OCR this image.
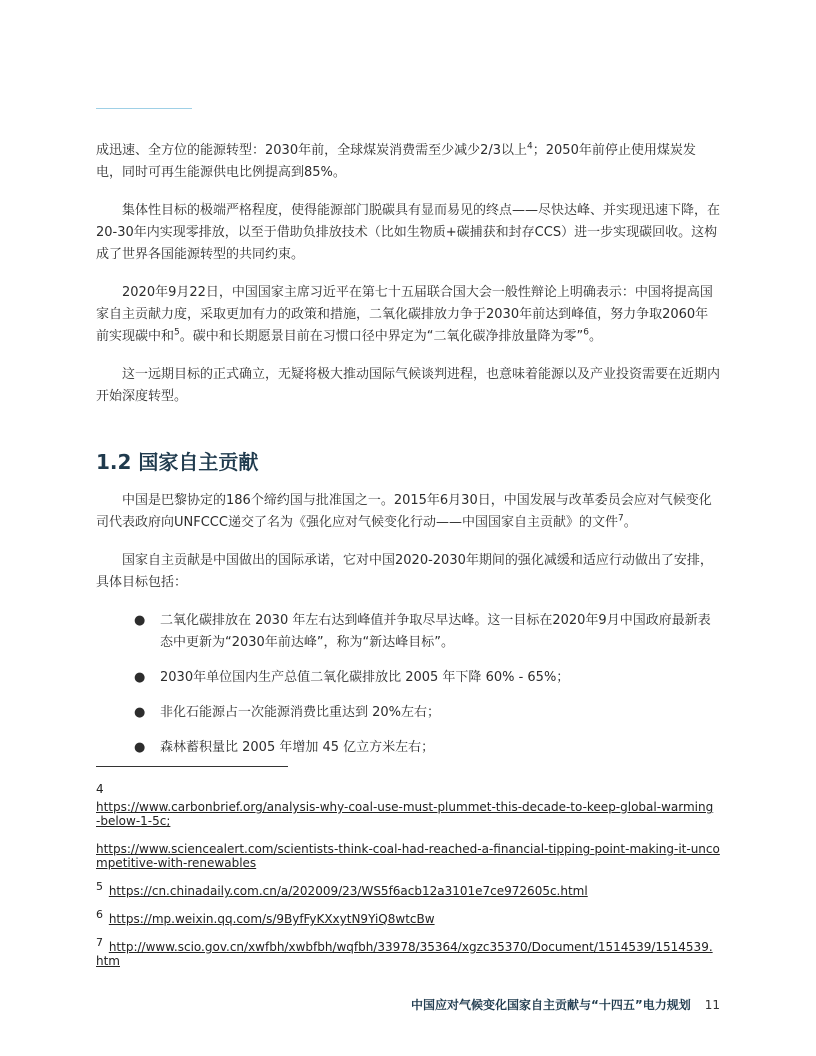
成迅速、全方位的能源转型：2030年前，全球煤炭消费需至少减少2/3以上$^4$；2050年前停止使用煤炭发电，同时可再生能源供电比例提高到85%。

集体性目标的极端严格程度，使得能源部门脱碳具有显而易见的终点——尽快达峰、并实现迅速下降，在20-30年内实现零排放，以至于借助负排放技术（比如生物质+碳捕获和封存CCS）进一步实现碳回收。这构成了世界各国能源转型的共同约束。

2020年9月22日，中国国家主席习近平在第七十五届联合国大会一般性辩论上明确表示：中国将提高国家自主贡献力度，采取更加有力的政策和措施，二氧化碳排放力争于2030年前达到峰值，努力争取2060年前实现碳中和$^5$。碳中和长期愿景目前在习惯口径中界定为“二氧化碳净排放量降为零”$^6$。

这一远期目标的正式确立，无疑将极大推动国际气候谈判进程，也意味着能源以及产业投资需要在近期内开始深度转型。

1.2 国家自主贡献

中国是巴黎协定的186个缔约国与批准国之一。2015年6月30日，中国发展与改革委员会应对气候变化司代表政府向UNFCCC递交了名为《强化应对气候变化行动——中国国家自主贡献》的文件$^7$。

国家自主贡献是中国做出的国际承诺，它对中国2020-2030年期间的强化减缓和适应行动做出了安排，具体目标包括：

● 二氧化碳排放在 2030 年左右达到峰值并争取尽早达峰。这一目标在2020年9月中国政府最新表态中更新为“2030年前达峰”，称为“新达峰目标”。
● 2030年单位国内生产总值二氧化碳排放比 2005 年下降 60% - 65%；
● 非化石能源占一次能源消费比重达到 20%左右；
● 森林蓄积量比 2005 年增加 45 亿立方米左右；
4
https://www.carbonbrief.org/analysis-why-coal-use-must-plummet-this-decade-to-keep-global-warming -below-1-5c;
https://www.sciencealert.com/scientists-think-coal-had-reached-a-financial-tipping-point-making-it-uncompetitive-with-renewables
5 https://cn.chinadaily.com.cn/a/202009/23/WS5f6acb12a3101e7ce972605c.html
6 https://mp.weixin.qq.com/s/9ByfFyKXxytN9YiQ8wtcBw
7 http://www.scio.gov.cn/xwfbh/xwbfbh/wqfbh/33978/35364/xgzc35370/Document/1514539/1514539.htm
中国应对气候变化国家自主贡献与“十四五”电力规划 11
